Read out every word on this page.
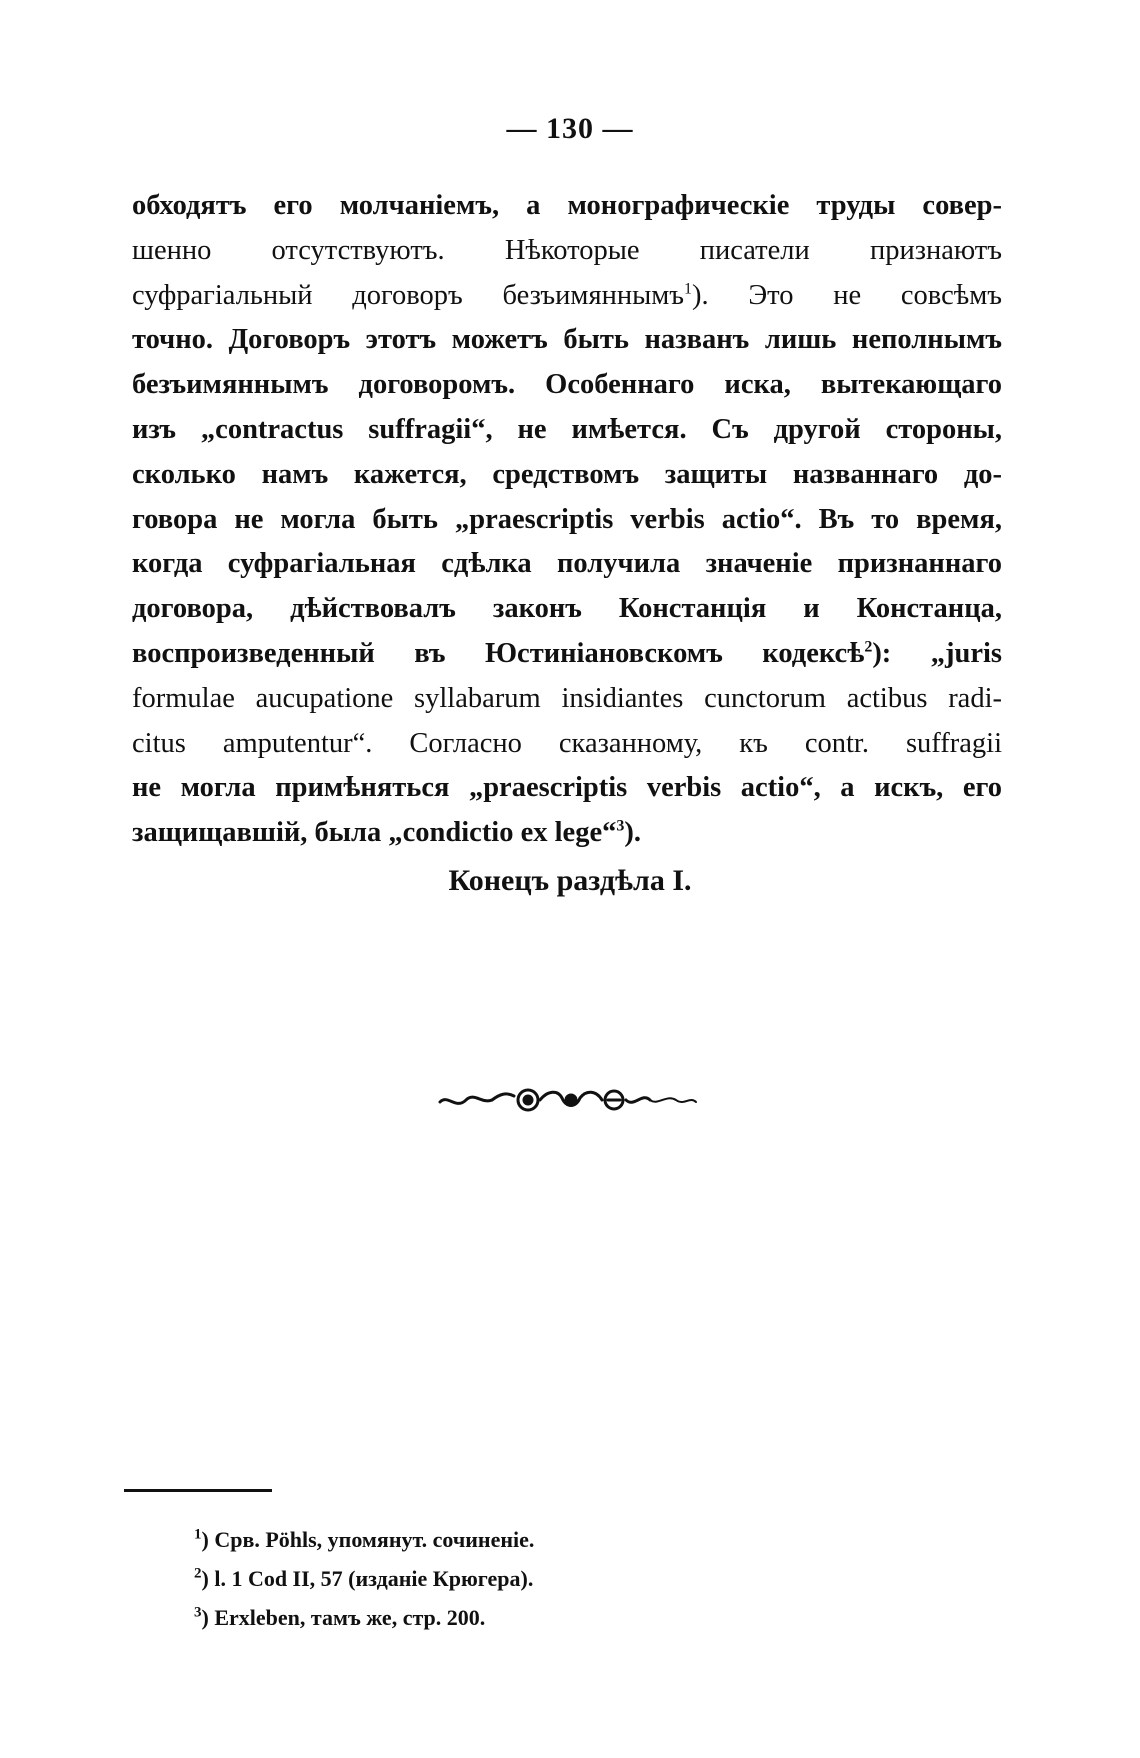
— 130 —
обходятъ его молчаніемъ, а монографическіе труды совер-
шенно отсутствуютъ. Нѣкоторые писатели признаютъ
суфрагіальный договоръ безъимяннымъ$^1$). Это не совсѣмъ
точно. Договоръ этотъ можетъ быть названъ лишь неполнымъ
безъимяннымъ договоромъ. Особеннаго иска, вытекающаго
изъ „contractus suffragii“, не имѣется. Съ другой стороны,
сколько намъ кажется, средствомъ защиты названнаго до-
говора не могла быть „praescriptis verbis actio“. Въ то время,
когда суфрагіальная сдѣлка получила значеніе признаннаго
договора, дѣйствовалъ законъ Констанція и Констанца,
воспроизведенный въ Юстиніановскомъ кодексѣ$^2$): „juris
formulae aucupatione syllabarum insidiantes cunctorum actibus radi-
citus amputentur“. Согласно сказанному, къ contr. suffragii
не могла примѣняться „praescriptis verbis actio“, а искъ, его
защищавшій, была „condictio ex lege“$^3$).
Конецъ раздѣла I.
$^1$) Срв. Pöhls, упомянут. сочиненіе.
$^2$) l. 1 Cod II, 57 (изданіе Крюгера).
$^3$) Erxleben, тамъ же, стр. 200.
